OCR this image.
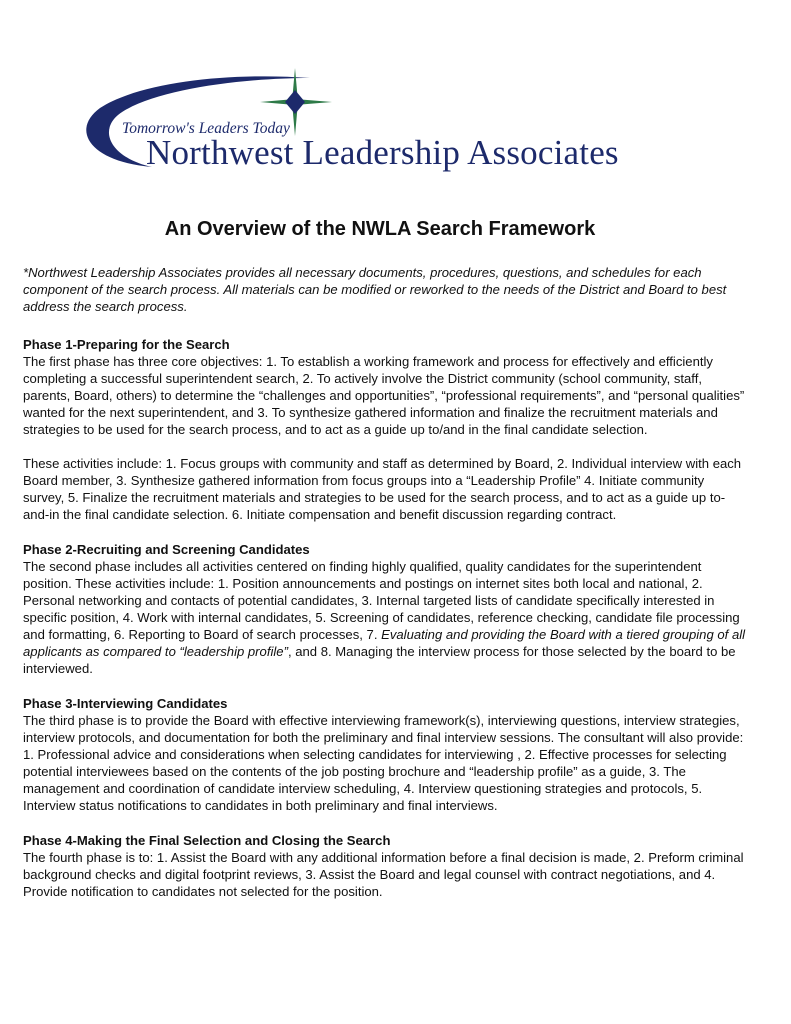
Tomorrow's Leaders Today
Northwest Leadership Associates
An Overview of the NWLA Search Framework

*Northwest Leadership Associates provides all necessary documents, procedures, questions, and schedules for each component of the search process. All materials can be modified or reworked to the needs of the District and Board to best address the search process.

Phase 1-Preparing for the Search

The first phase has three core objectives: 1. To establish a working framework and process for effectively and efficiently completing a successful superintendent search, 2. To actively involve the District community (school community, staff, parents, Board, others) to determine the “challenges and opportunities”, “professional requirements”, and “personal qualities” wanted for the next superintendent, and 3. To synthesize gathered information and finalize the recruitment materials and strategies to be used for the search process, and to act as a guide up to/and in the final candidate selection.

These activities include: 1. Focus groups with community and staff as determined by Board, 2. Individual interview with each Board member, 3. Synthesize gathered information from focus groups into a “Leadership Profile” 4. Initiate community survey, 5. Finalize the recruitment materials and strategies to be used for the search process, and to act as a guide up to-and-in the final candidate selection. 6. Initiate compensation and benefit discussion regarding contract.

Phase 2-Recruiting and Screening Candidates

The second phase includes all activities centered on finding highly qualified, quality candidates for the superintendent position. These activities include: 1. Position announcements and postings on internet sites both local and national, 2. Personal networking and contacts of potential candidates, 3. Internal targeted lists of candidate specifically interested in specific position, 4. Work with internal candidates, 5. Screening of candidates, reference checking, candidate file processing and formatting, 6. Reporting to Board of search processes, 7. Evaluating and providing the Board with a tiered grouping of all applicants as compared to “leadership profile”, and 8. Managing the interview process for those selected by the board to be interviewed.

Phase 3-Interviewing Candidates

The third phase is to provide the Board with effective interviewing framework(s), interviewing questions, interview strategies, interview protocols, and documentation for both the preliminary and final interview sessions. The consultant will also provide: 1. Professional advice and considerations when selecting candidates for interviewing , 2. Effective processes for selecting potential interviewees based on the contents of the job posting brochure and “leadership profile” as a guide, 3. The management and coordination of candidate interview scheduling, 4. Interview questioning strategies and protocols, 5. Interview status notifications to candidates in both preliminary and final interviews.

Phase 4-Making the Final Selection and Closing the Search

The fourth phase is to: 1. Assist the Board with any additional information before a final decision is made, 2. Preform criminal background checks and digital footprint reviews, 3. Assist the Board and legal counsel with contract negotiations, and 4. Provide notification to candidates not selected for the position.
